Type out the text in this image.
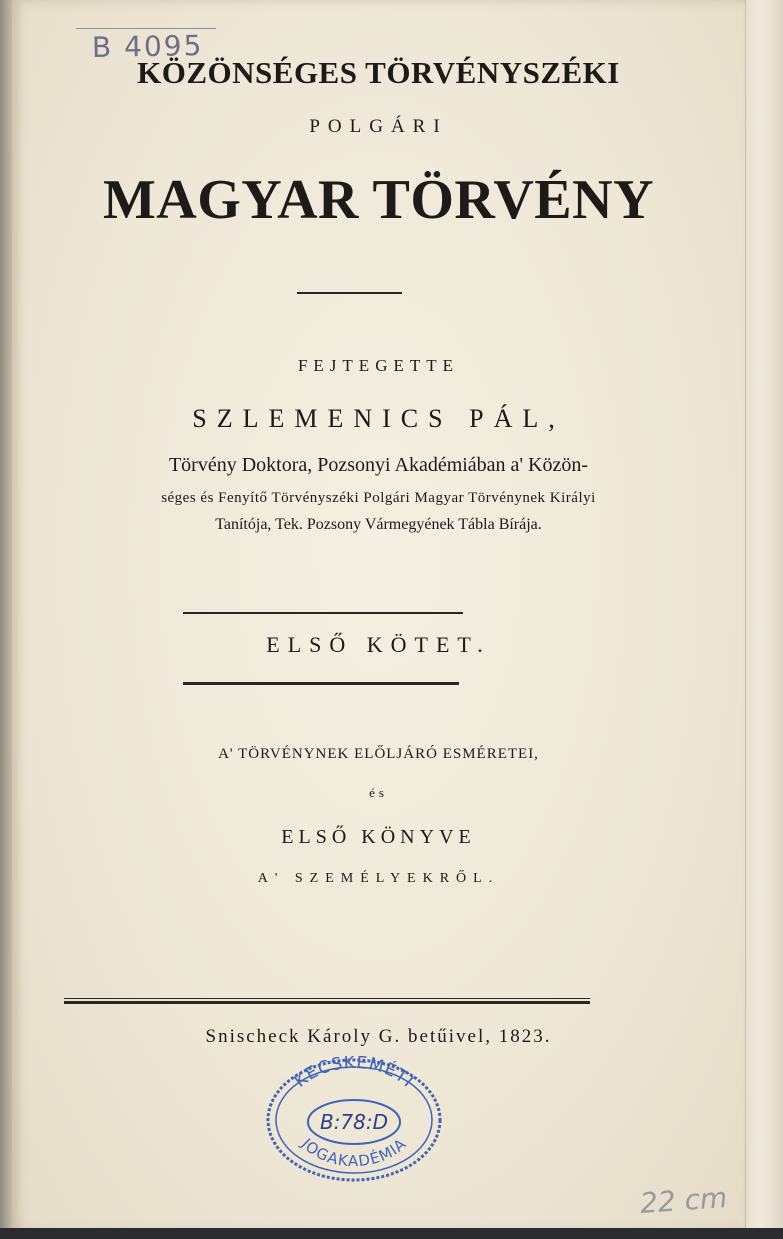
B 4095
KÖZÖNSÉGES TÖRVÉNYSZÉKI
POLGÁRI
MAGYAR TÖRVÉNY
FEJTEGETTE
SZLEMENICS PÁL,
Törvény Doktora, Pozsonyi Akadémiában a' Közön-
séges és Fenyítő Törvényszéki Polgári Magyar Törvénynek Királyi
Tanítója, Tek. Pozsony Vármegyének Tábla Bírája.
ELSŐ KÖTET.
A' TÖRVÉNYNEK ELŐLJÁRÓ ESMÉRETEI,
és
ELSŐ KÖNYVE
A' SZEMÉLYEKRŐL.
Snischeck Károly G. betűivel, 1823.
KECSKEMÉTI
B:78:D
JOGAKADÉMIA
22 cm
